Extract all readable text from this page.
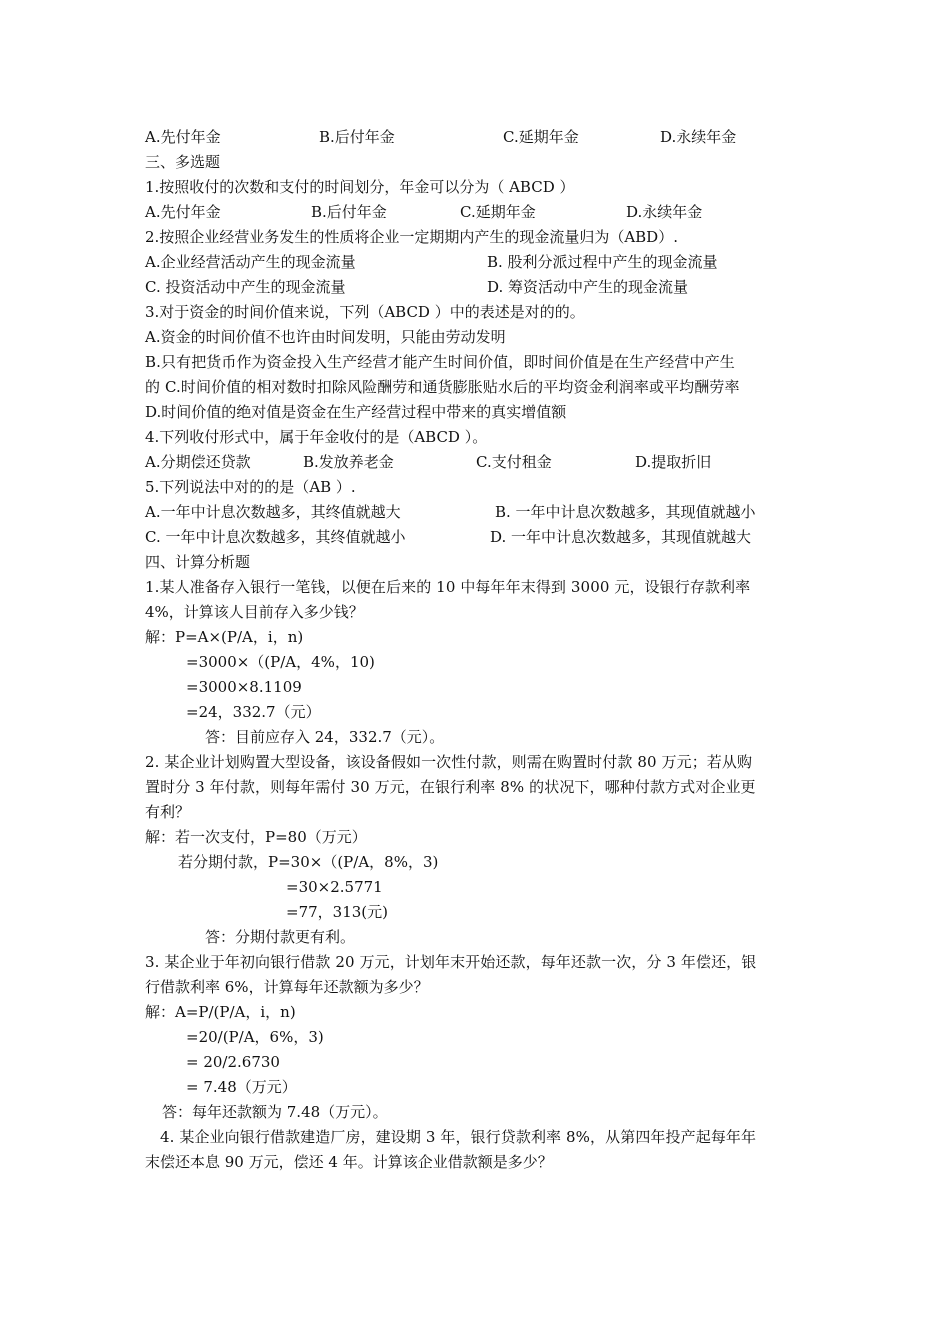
A.先付年金	B.后付年金	C.延期年金	D.永续年金
三、多选题
1.按照收付的次数和支付的时间划分，年金可以分为（ ABCD ）
A.先付年金	B.后付年金	C.延期年金	D.永续年金
2.按照企业经营业务发生的性质将企业一定期期内产生的现金流量归为（ABD）.
A.企业经营活动产生的现金流量	B. 股利分派过程中产生的现金流量
C. 投资活动中产生的现金流量	D. 筹资活动中产生的现金流量
3.对于资金的时间价值来说，下列（ABCD ）中的表述是对的的。
A.资金的时间价值不也许由时间发明，只能由劳动发明
B.只有把货币作为资金投入生产经营才能产生时间价值，即时间价值是在生产经营中产生
的 C.时间价值的相对数时扣除风险酬劳和通货膨胀贴水后的平均资金利润率或平均酬劳率
D.时间价值的绝对值是资金在生产经营过程中带来的真实增值额
4.下列收付形式中，属于年金收付的是（ABCD ）。
A.分期偿还贷款	B.发放养老金	C.支付租金	D.提取折旧
5.下列说法中对的的是（AB ）.
A.一年中计息次数越多，其终值就越大	B. 一年中计息次数越多，其现值就越小
C. 一年中计息次数越多，其终值就越小	D. 一年中计息次数越多，其现值就越大
四、计算分析题
1.某人准备存入银行一笔钱，以便在后来的 10 中每年年末得到 3000 元，设银行存款利率
4%，计算该人目前存入多少钱？
解：P=A×(P/A，i，n)
=3000×（(P/A，4%，10)
=3000×8.1109
=24，332.7（元）
答：目前应存入 24，332.7（元）。
2. 某企业计划购置大型设备，该设备假如一次性付款，则需在购置时付款 80 万元；若从购
置时分 3 年付款，则每年需付 30 万元，在银行利率 8% 的状况下，哪种付款方式对企业更
有利？
解：若一次支付，P=80（万元）
若分期付款，P=30×（(P/A，8%，3)
=30×2.5771
=77，313(元)
答：分期付款更有利。
3. 某企业于年初向银行借款 20 万元，计划年末开始还款，每年还款一次，分 3 年偿还，银
行借款利率 6%，计算每年还款额为多少？
解：A=P/(P/A，i，n)
=20/(P/A，6%，3)
= 20/2.6730
= 7.48（万元）
答：每年还款额为 7.48（万元）。
4. 某企业向银行借款建造厂房，建设期 3 年，银行贷款利率 8%，从第四年投产起每年年
末偿还本息 90 万元，偿还 4 年。计算该企业借款额是多少？
